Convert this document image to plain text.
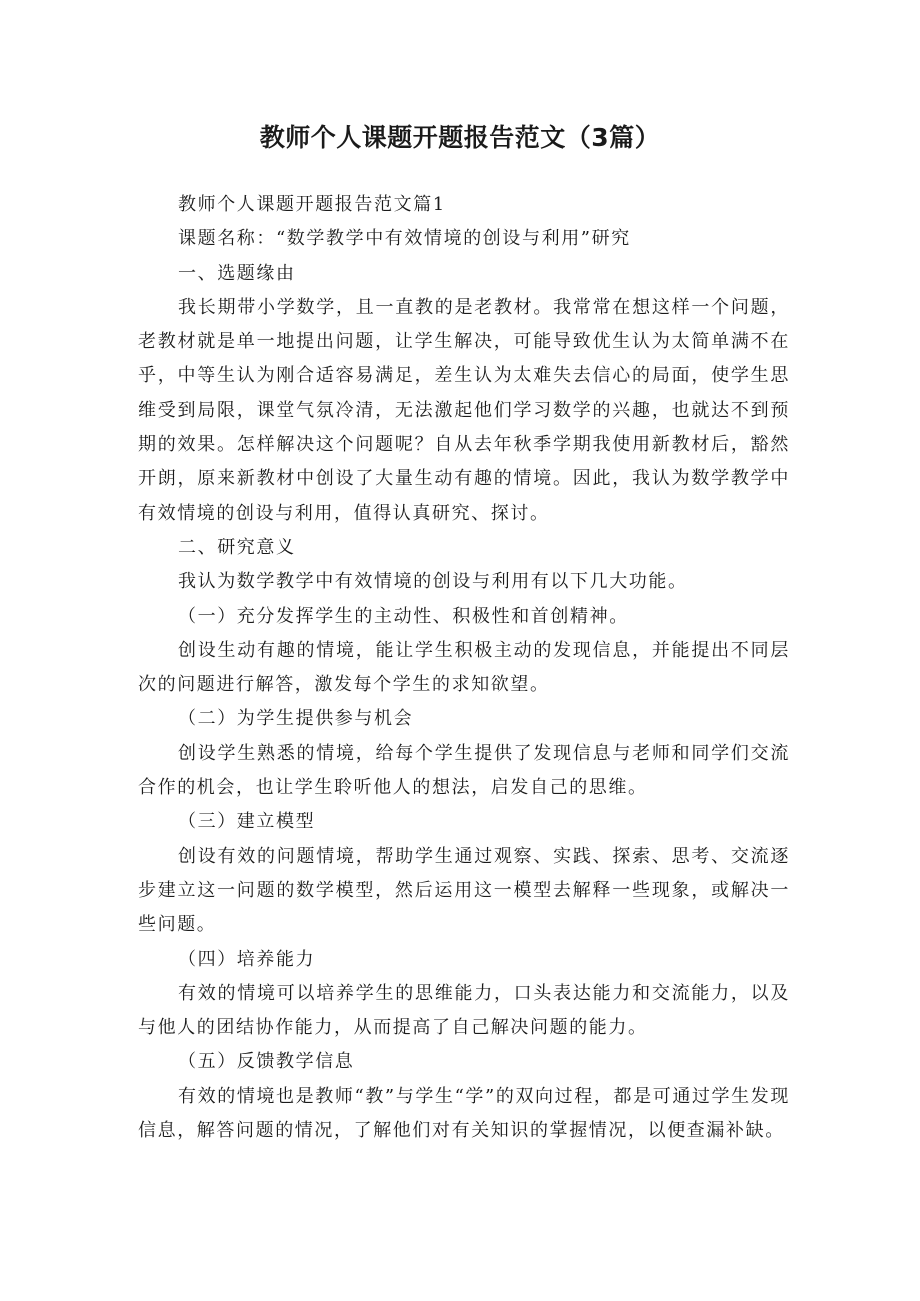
教师个人课题开题报告范文（3篇）

教师个人课题开题报告范文篇1

课题名称：“数学教学中有效情境的创设与利用”研究

一、选题缘由

我长期带小学数学，且一直教的是老教材。我常常在想这样一个问题，老教材就是单一地提出问题，让学生解决，可能导致优生认为太简单满不在乎，中等生认为刚合适容易满足，差生认为太难失去信心的局面，使学生思维受到局限，课堂气氛冷清，无法激起他们学习数学的兴趣，也就达不到预期的效果。怎样解决这个问题呢？自从去年秋季学期我使用新教材后，豁然开朗，原来新教材中创设了大量生动有趣的情境。因此，我认为数学教学中有效情境的创设与利用，值得认真研究、探讨。

二、研究意义

我认为数学教学中有效情境的创设与利用有以下几大功能。

（一）充分发挥学生的主动性、积极性和首创精神。

创设生动有趣的情境，能让学生积极主动的发现信息，并能提出不同层次的问题进行解答，激发每个学生的求知欲望。

（二）为学生提供参与机会

创设学生熟悉的情境，给每个学生提供了发现信息与老师和同学们交流合作的机会，也让学生聆听他人的想法，启发自己的思维。

（三）建立模型

创设有效的问题情境，帮助学生通过观察、实践、探索、思考、交流逐步建立这一问题的数学模型，然后运用这一模型去解释一些现象，或解决一些问题。

（四）培养能力

有效的情境可以培养学生的思维能力，口头表达能力和交流能力，以及与他人的团结协作能力，从而提高了自己解决问题的能力。

（五）反馈教学信息

有效的情境也是教师“教”与学生“学”的双向过程，都是可通过学生发现信息，解答问题的情况，了解他们对有关知识的掌握情况，以便查漏补缺。
